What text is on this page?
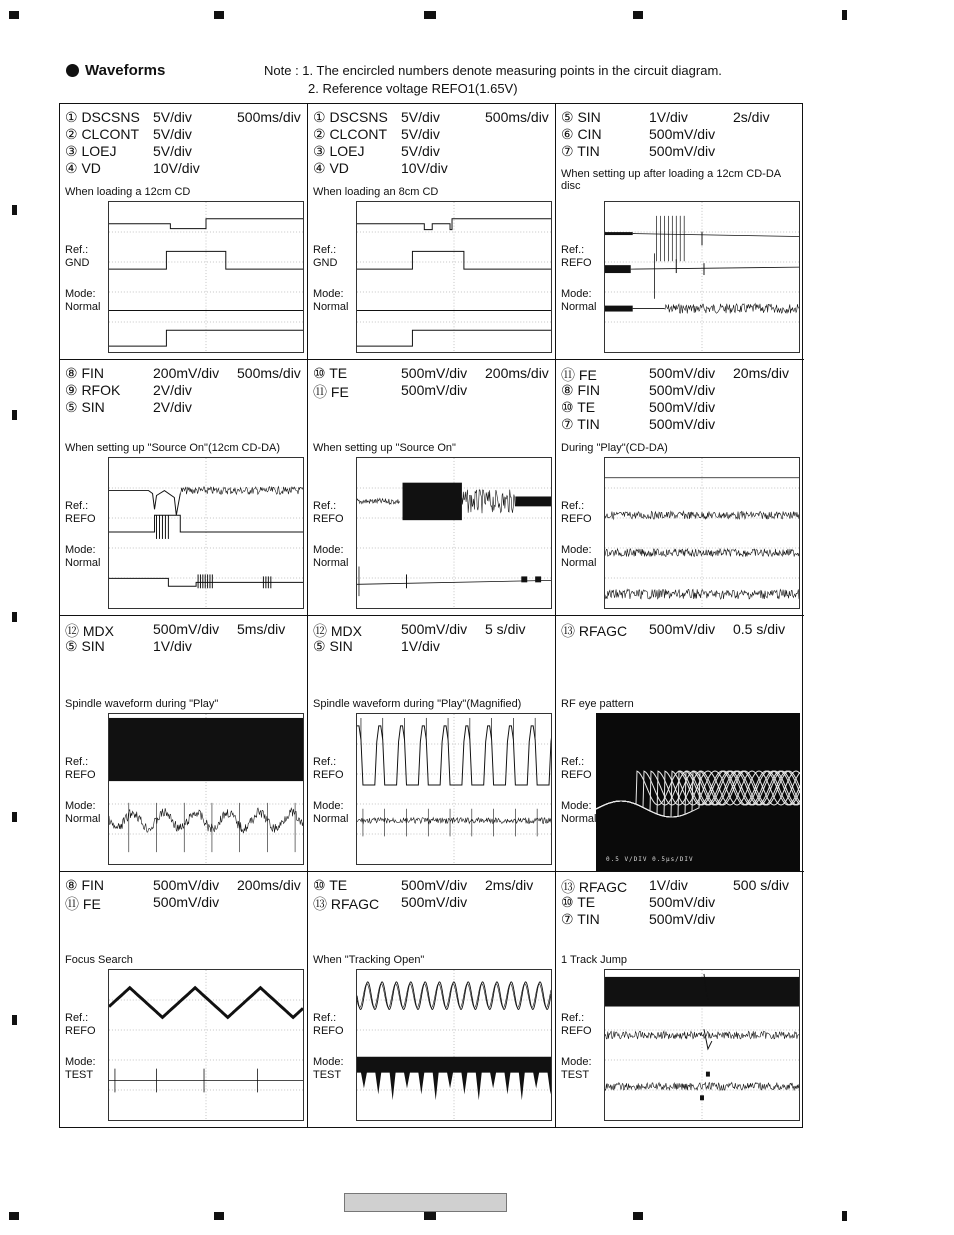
Waveforms	Note : 1. The encircled numbers denote measuring points in the circuit diagram.
2. Reference voltage REFO1(1.65V)
① DSCSNS 5V/div	500ms/div
② CLCONT 5V/div
③ LOEJ	5V/div
④ VD	10V/div
When loading a 12cm CD
Ref.:
GND
Mode:
Normal
① DSCSNS 5V/div	500ms/div
② CLCONT 5V/div
③ LOEJ	5V/div
④ VD	10V/div
When loading an 8cm CD
Ref.:
GND
Mode:
Normal
⑤ SIN	1V/div	2s/div
⑥ CIN	500mV/div
⑦ TIN	500mV/div
When setting up after loading a 12cm CD-DA disc
Ref.:
REFO
Mode:
Normal
⑧ FIN	200mV/div 500ms/div
⑨ RFOK 2V/div
⑤ SIN	2V/div
When setting up "Source On"(12cm CD-DA)
Ref.:
REFO
Mode:
Normal
⑩ TE	500mV/div 200ms/div
⑪ FE	500mV/div
When setting up "Source On"
Ref.:
REFO
Mode:
Normal
⑪ FE	500mV/div 20ms/div
⑧ FIN	500mV/div
⑩ TE	500mV/div
⑦ TIN	500mV/div
During "Play"(CD-DA)
Ref.:
REFO
Mode:
Normal
⑫ MDX	500mV/div 5ms/div
⑤ SIN	1V/div
Spindle waveform during "Play"
Ref.:
REFO
Mode:
Normal
⑫ MDX	500mV/div 5 s/div
⑤ SIN	1V/div
Spindle waveform during "Play"(Magnified)
Ref.:
REFO
Mode:
Normal
⑬ RFAGC 500mV/div 0.5 s/div
RF eye pattern
Ref.:
REFO
Mode:
Normal
0.5 V/DIV 0.5μs/DIV
⑧ FIN	500mV/div 200ms/div
⑪ FE	500mV/div
Focus Search
Ref.:
REFO
Mode:
TEST
⑩ TE	500mV/div 2ms/div
⑬ RFAGC 500mV/div
When "Tracking Open"
Ref.:
REFO
Mode:
TEST
⑬ RFAGC 1V/div	500 s/div
⑩ TE	500mV/div
⑦ TIN	500mV/div
1 Track Jump
Ref.:
REFO
Mode:
TEST
